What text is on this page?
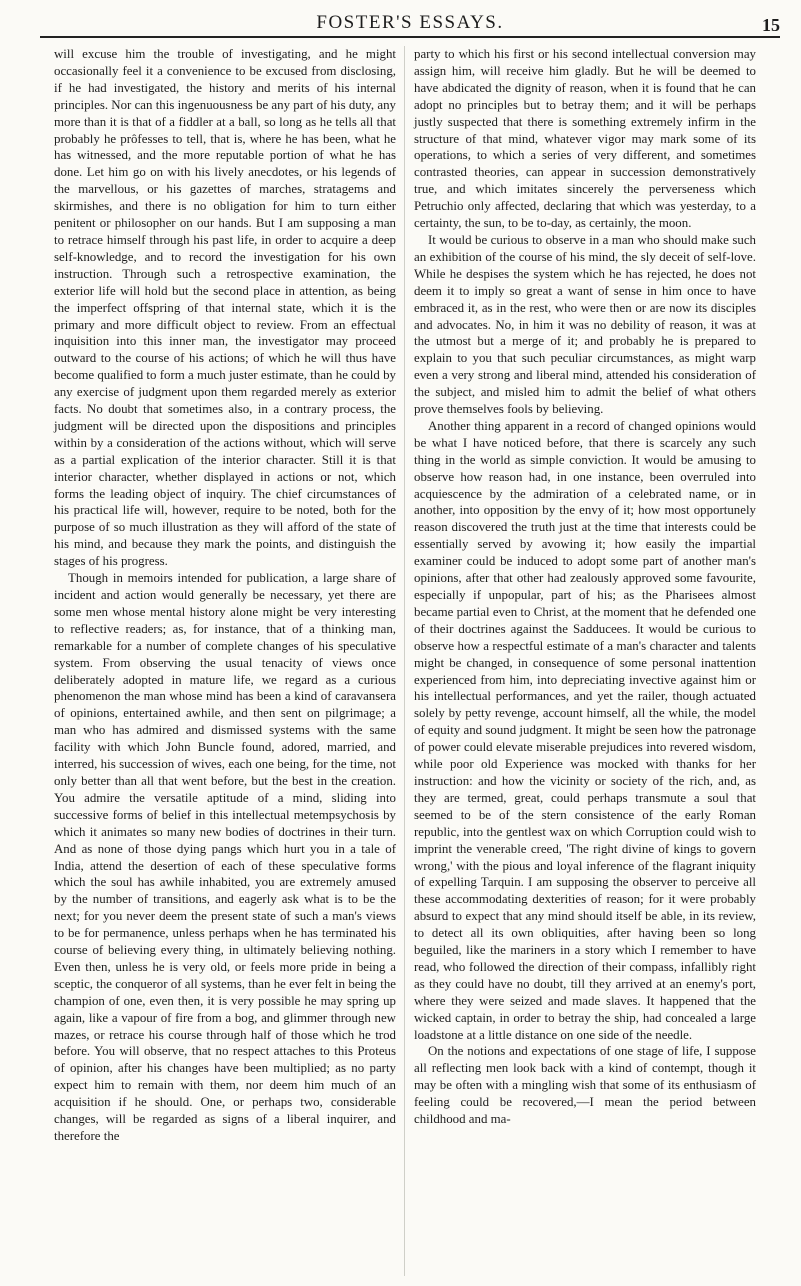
FOSTER'S ESSAYS.	15

will excuse him the trouble of investigating, and he might occasionally feel it a convenience to be excused from disclosing, if he had investigated, the history and merits of his internal principles. Nor can this ingenuousness be any part of his duty, any more than it is that of a fiddler at a ball, so long as he tells all that probably he prôfesses to tell, that is, where he has been, what he has witnessed, and the more reputable portion of what he has done. Let him go on with his lively anecdotes, or his legends of the marvellous, or his gazettes of marches, stratagems and skirmishes, and there is no obligation for him to turn either penitent or philosopher on our hands. But I am supposing a man to retrace himself through his past life, in order to acquire a deep self-knowledge, and to record the investigation for his own instruction. Through such a retrospective examination, the exterior life will hold but the second place in attention, as being the imperfect offspring of that internal state, which it is the primary and more difficult object to review. From an effectual inquisition into this inner man, the investigator may proceed outward to the course of his actions; of which he will thus have become qualified to form a much juster estimate, than he could by any exercise of judgment upon them regarded merely as exterior facts. No doubt that sometimes also, in a contrary process, the judgment will be directed upon the dispositions and principles within by a consideration of the actions without, which will serve as a partial explication of the interior character. Still it is that interior character, whether displayed in actions or not, which forms the leading object of inquiry. The chief circumstances of his practical life will, however, require to be noted, both for the purpose of so much illustration as they will afford of the state of his mind, and because they mark the points, and distinguish the stages of his progress.

Though in memoirs intended for publication, a large share of incident and action would generally be necessary, yet there are some men whose mental history alone might be very interesting to reflective readers; as, for instance, that of a thinking man, remarkable for a number of complete changes of his speculative system. From observing the usual tenacity of views once deliberately adopted in mature life, we regard as a curious phenomenon the man whose mind has been a kind of caravansera of opinions, entertained awhile, and then sent on pilgrimage; a man who has admired and dismissed systems with the same facility with which John Buncle found, adored, married, and interred, his succession of wives, each one being, for the time, not only better than all that went before, but the best in the creation. You admire the versatile aptitude of a mind, sliding into successive forms of belief in this intellectual metempsychosis by which it animates so many new bodies of doctrines in their turn. And as none of those dying pangs which hurt you in a tale of India, attend the desertion of each of these speculative forms which the soul has awhile inhabited, you are extremely amused by the number of transitions, and eagerly ask what is to be the next; for you never deem the present state of such a man's views to be for permanence, unless perhaps when he has terminated his course of believing every thing, in ultimately believing nothing. Even then, unless he is very old, or feels more pride in being a sceptic, the conqueror of all systems, than he ever felt in being the champion of one, even then, it is very possible he may spring up again, like a vapour of fire from a bog, and glimmer through new mazes, or retrace his course through half of those which he trod before. You will observe, that no respect attaches to this Proteus of opinion, after his changes have been multiplied; as no party expect him to remain with them, nor deem him much of an acquisition if he should. One, or perhaps two, considerable changes, will be regarded as signs of a liberal inquirer, and therefore the

party to which his first or his second intellectual conversion may assign him, will receive him gladly. But he will be deemed to have abdicated the dignity of reason, when it is found that he can adopt no principles but to betray them; and it will be perhaps justly suspected that there is something extremely infirm in the structure of that mind, whatever vigor may mark some of its operations, to which a series of very different, and sometimes contrasted theories, can appear in succession demonstratively true, and which imitates sincerely the perverseness which Petruchio only affected, declaring that which was yesterday, to a certainty, the sun, to be to-day, as certainly, the moon.

It would be curious to observe in a man who should make such an exhibition of the course of his mind, the sly deceit of self-love. While he despises the system which he has rejected, he does not deem it to imply so great a want of sense in him once to have embraced it, as in the rest, who were then or are now its disciples and advocates. No, in him it was no debility of reason, it was at the utmost but a merge of it; and probably he is prepared to explain to you that such peculiar circumstances, as might warp even a very strong and liberal mind, attended his consideration of the subject, and misled him to admit the belief of what others prove themselves fools by believing.

Another thing apparent in a record of changed opinions would be what I have noticed before, that there is scarcely any such thing in the world as simple conviction. It would be amusing to observe how reason had, in one instance, been overruled into acquiescence by the admiration of a celebrated name, or in another, into opposition by the envy of it; how most opportunely reason discovered the truth just at the time that interests could be essentially served by avowing it; how easily the impartial examiner could be induced to adopt some part of another man's opinions, after that other had zealously approved some favourite, especially if unpopular, part of his; as the Pharisees almost became partial even to Christ, at the moment that he defended one of their doctrines against the Sadducees. It would be curious to observe how a respectful estimate of a man's character and talents might be changed, in consequence of some personal inattention experienced from him, into depreciating invective against him or his intellectual performances, and yet the railer, though actuated solely by petty revenge, account himself, all the while, the model of equity and sound judgment. It might be seen how the patronage of power could elevate miserable prejudices into revered wisdom, while poor old Experience was mocked with thanks for her instruction: and how the vicinity or society of the rich, and, as they are termed, great, could perhaps transmute a soul that seemed to be of the stern consistence of the early Roman republic, into the gentlest wax on which Corruption could wish to imprint the venerable creed, 'The right divine of kings to govern wrong,' with the pious and loyal inference of the flagrant iniquity of expelling Tarquin. I am supposing the observer to perceive all these accommodating dexterities of reason; for it were probably absurd to expect that any mind should itself be able, in its review, to detect all its own obliquities, after having been so long beguiled, like the mariners in a story which I remember to have read, who followed the direction of their compass, infallibly right as they could have no doubt, till they arrived at an enemy's port, where they were seized and made slaves. It happened that the wicked captain, in order to betray the ship, had concealed a large loadstone at a little distance on one side of the needle.

On the notions and expectations of one stage of life, I suppose all reflecting men look back with a kind of contempt, though it may be often with a mingling wish that some of its enthusiasm of feeling could be recovered,—I mean the period between childhood and ma-
